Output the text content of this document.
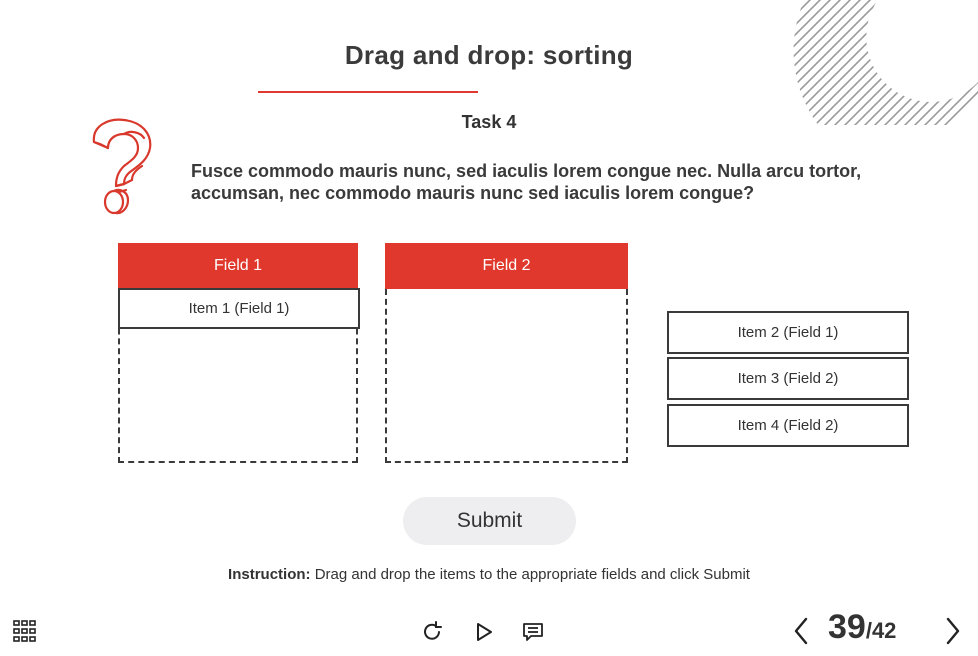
Drag and drop: sorting
Task 4
Fusce commodo mauris nunc, sed iaculis lorem congue nec. Nulla arcu tortor, accumsan, nec commodo mauris nunc sed iaculis lorem congue?
Field 1
Item 1 (Field 1)
Field 2
Item 2 (Field 1)
Item 3 (Field 2)
Item 4 (Field 2)
Submit
Instruction: Drag and drop the items to the appropriate fields and click Submit
39 /42
